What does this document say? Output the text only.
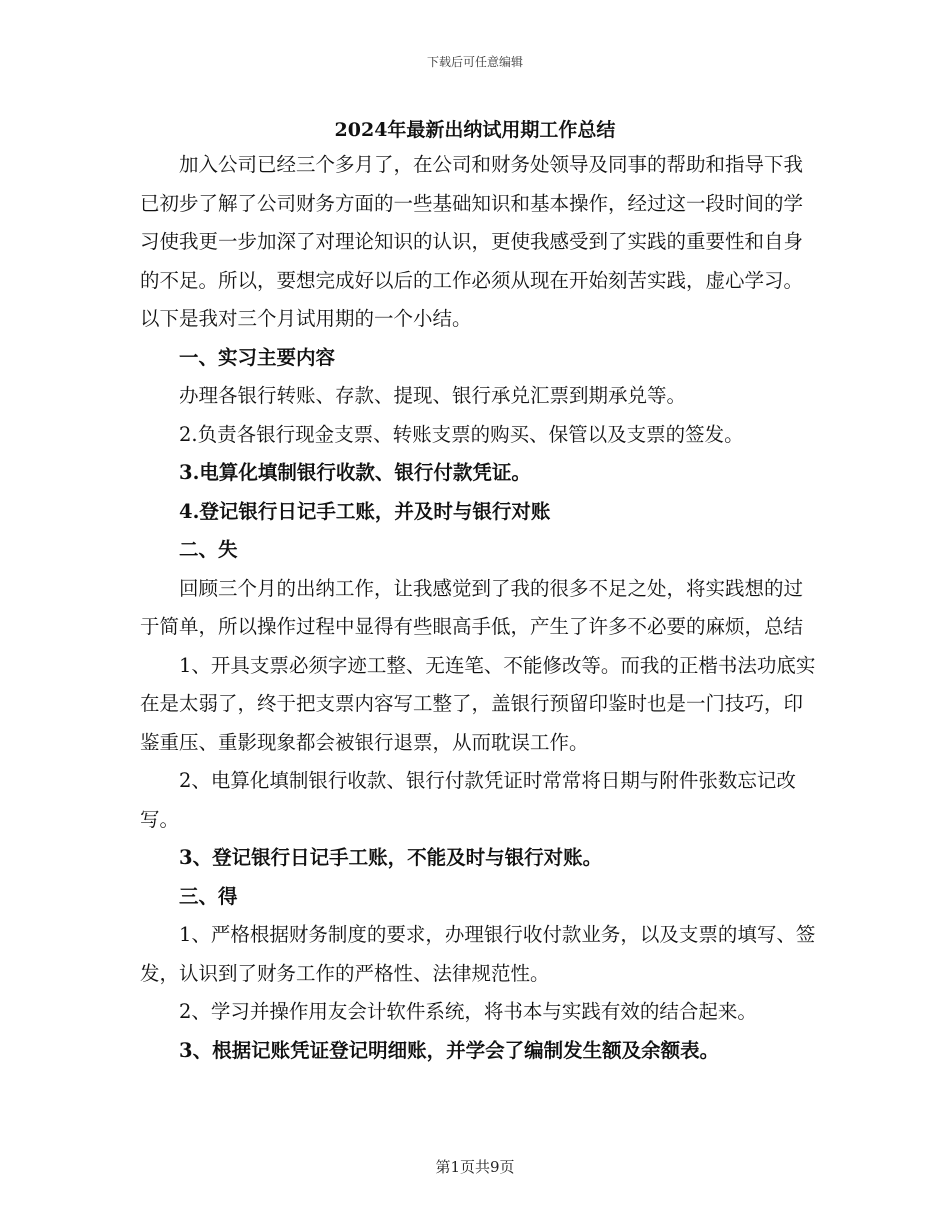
下载后可任意编辑
2024年最新出纳试用期工作总结

加入公司已经三个多月了，在公司和财务处领导及同事的帮助和指导下我已初步了解了公司财务方面的一些基础知识和基本操作，经过这一段时间的学习使我更一步加深了对理论知识的认识，更使我感受到了实践的重要性和自身的不足。所以，要想完成好以后的工作必须从现在开始刻苦实践，虚心学习。以下是我对三个月试用期的一个小结。

一、实习主要内容

办理各银行转账、存款、提现、银行承兑汇票到期承兑等。

2.负责各银行现金支票、转账支票的购买、保管以及支票的签发。

3.电算化填制银行收款、银行付款凭证。

4.登记银行日记手工账，并及时与银行对账

二、失

回顾三个月的出纳工作，让我感觉到了我的很多不足之处，将实践想的过于简单，所以操作过程中显得有些眼高手低，产生了许多不必要的麻烦，总结

1、开具支票必须字迹工整、无连笔、不能修改等。而我的正楷书法功底实在是太弱了，终于把支票内容写工整了，盖银行预留印鉴时也是一门技巧，印鉴重压、重影现象都会被银行退票，从而耽误工作。

2、电算化填制银行收款、银行付款凭证时常常将日期与附件张数忘记改写。

3、登记银行日记手工账，不能及时与银行对账。

三、得

1、严格根据财务制度的要求，办理银行收付款业务，以及支票的填写、签发，认识到了财务工作的严格性、法律规范性。

2、学习并操作用友会计软件系统，将书本与实践有效的结合起来。

3、根据记账凭证登记明细账，并学会了编制发生额及余额表。

第1页共9页
